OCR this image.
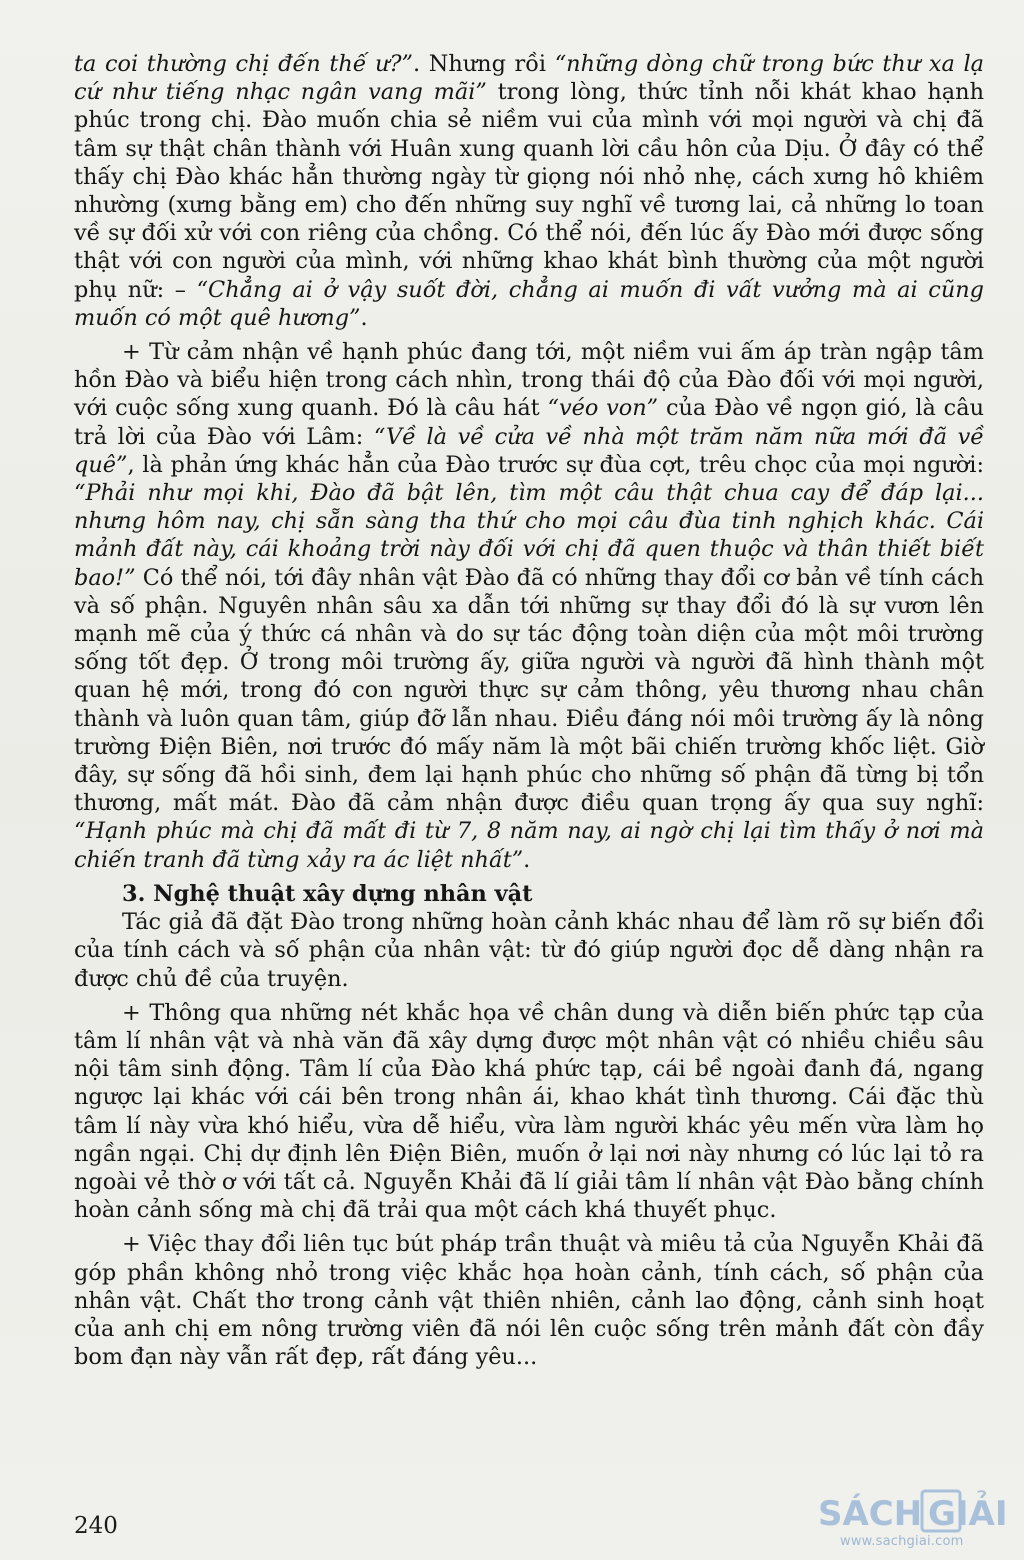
ta coi thường chị đến thế ư?”. Nhưng rồi “những dòng chữ trong bức thư xa lạ cứ như tiếng nhạc ngân vang mãi” trong lòng, thức tỉnh nỗi khát khao hạnh phúc trong chị. Đào muốn chia sẻ niềm vui của mình với mọi người và chị đã tâm sự thật chân thành với Huân xung quanh lời cầu hôn của Dịu. Ở đây có thể thấy chị Đào khác hẳn thường ngày từ giọng nói nhỏ nhẹ, cách xưng hô khiêm nhường (xưng bằng em) cho đến những suy nghĩ về tương lai, cả những lo toan về sự đối xử với con riêng của chồng. Có thể nói, đến lúc ấy Đào mới được sống thật với con người của mình, với những khao khát bình thường của một người phụ nữ: – “Chẳng ai ở vậy suốt đời, chẳng ai muốn đi vất vưởng mà ai cũng muốn có một quê hương”.

+ Từ cảm nhận về hạnh phúc đang tới, một niềm vui ấm áp tràn ngập tâm hồn Đào và biểu hiện trong cách nhìn, trong thái độ của Đào đối với mọi người, với cuộc sống xung quanh. Đó là câu hát “véo von” của Đào về ngọn gió, là câu trả lời của Đào với Lâm: “Về là về cửa về nhà một trăm năm nữa mới đã về quê”, là phản ứng khác hẳn của Đào trước sự đùa cợt, trêu chọc của mọi người: “Phải như mọi khi, Đào đã bật lên, tìm một câu thật chua cay để đáp lại... nhưng hôm nay, chị sẵn sàng tha thứ cho mọi câu đùa tinh nghịch khác. Cái mảnh đất này, cái khoảng trời này đối với chị đã quen thuộc và thân thiết biết bao!” Có thể nói, tới đây nhân vật Đào đã có những thay đổi cơ bản về tính cách và số phận. Nguyên nhân sâu xa dẫn tới những sự thay đổi đó là sự vươn lên mạnh mẽ của ý thức cá nhân và do sự tác động toàn diện của một môi trường sống tốt đẹp. Ở trong môi trường ấy, giữa người và người đã hình thành một quan hệ mới, trong đó con người thực sự cảm thông, yêu thương nhau chân thành và luôn quan tâm, giúp đỡ lẫn nhau. Điều đáng nói môi trường ấy là nông trường Điện Biên, nơi trước đó mấy năm là một bãi chiến trường khốc liệt. Giờ đây, sự sống đã hồi sinh, đem lại hạnh phúc cho những số phận đã từng bị tổn thương, mất mát. Đào đã cảm nhận được điều quan trọng ấy qua suy nghĩ: “Hạnh phúc mà chị đã mất đi từ 7, 8 năm nay, ai ngờ chị lại tìm thấy ở nơi mà chiến tranh đã từng xảy ra ác liệt nhất”.

3. Nghệ thuật xây dựng nhân vật

Tác giả đã đặt Đào trong những hoàn cảnh khác nhau để làm rõ sự biến đổi của tính cách và số phận của nhân vật: từ đó giúp người đọc dễ dàng nhận ra được chủ đề của truyện.

+ Thông qua những nét khắc họa về chân dung và diễn biến phức tạp của tâm lí nhân vật và nhà văn đã xây dựng được một nhân vật có nhiều chiều sâu nội tâm sinh động. Tâm lí của Đào khá phức tạp, cái bề ngoài đanh đá, ngang ngược lại khác với cái bên trong nhân ái, khao khát tình thương. Cái đặc thù tâm lí này vừa khó hiểu, vừa dễ hiểu, vừa làm người khác yêu mến vừa làm họ ngần ngại. Chị dự định lên Điện Biên, muốn ở lại nơi này nhưng có lúc lại tỏ ra ngoài vẻ thờ ơ với tất cả. Nguyễn Khải đã lí giải tâm lí nhân vật Đào bằng chính hoàn cảnh sống mà chị đã trải qua một cách khá thuyết phục.

+ Việc thay đổi liên tục bút pháp trần thuật và miêu tả của Nguyễn Khải đã góp phần không nhỏ trong việc khắc họa hoàn cảnh, tính cách, số phận của nhân vật. Chất thơ trong cảnh vật thiên nhiên, cảnh lao động, cảnh sinh hoạt của anh chị em nông trường viên đã nói lên cuộc sống trên mảnh đất còn đầy bom đạn này vẫn rất đẹp, rất đáng yêu...

240	SÁCH GIẢI
www.sachgiai.com
